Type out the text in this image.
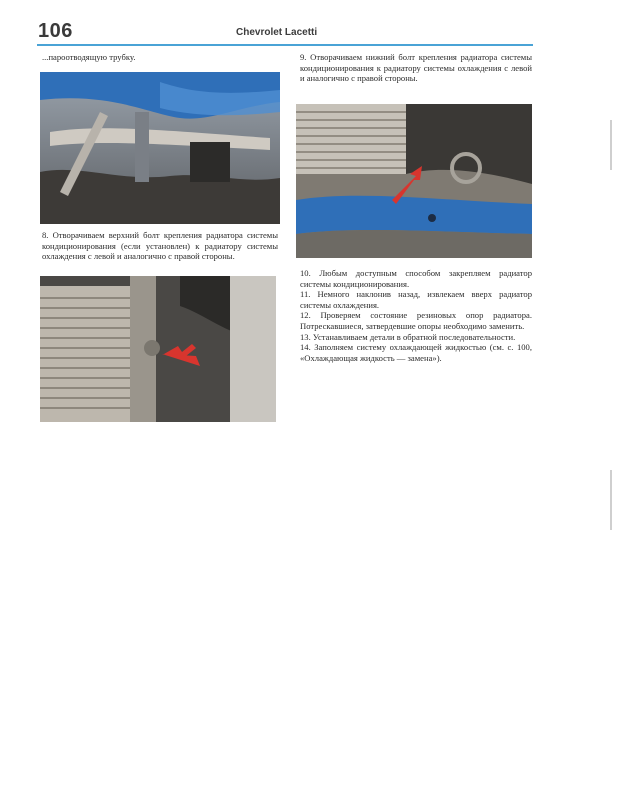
106	Chevrolet Lacetti
...пароотводящую трубку.
8. Отворачиваем верхний болт крепления радиатора системы кондиционирования (если установлен) к радиатору системы охлаждения с левой и аналогично с правой стороны.
9. Отворачиваем нижний болт крепления радиатора системы кондиционирования к радиатору системы охлаждения с левой и аналогично с правой стороны.

10. Любым доступным способом закрепляем радиатор системы кондиционирования.

11. Немного наклонив назад, извлекаем вверх радиатор системы охлаждения.

12. Проверяем состояние резиновых опор радиатора. Потрескавшиеся, затвердевшие опоры необходимо заменить.

13. Устанавливаем детали в обратной последовательности.

14. Заполняем систему охлаждающей жидкостью (см. с. 100, «Охлаждающая жидкость — замена»).
